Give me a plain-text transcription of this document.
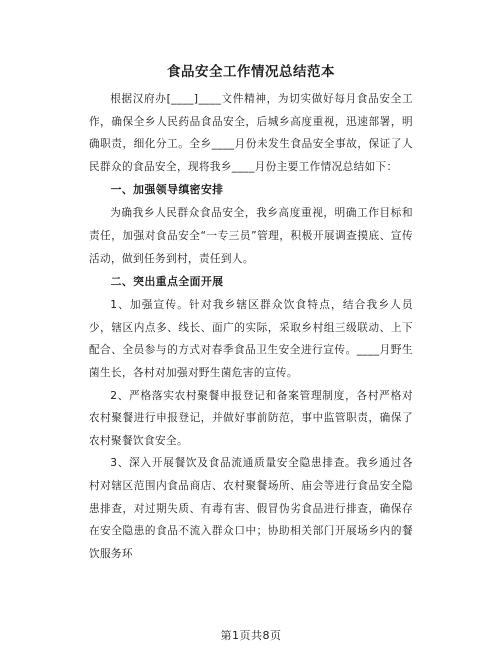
食品安全工作情况总结范本

根据汉府办[____]____文件精神，为切实做好每月食品安全工作，确保全乡人民药品食品安全，后城乡高度重视，迅速部署，明确职责，细化分工。全乡____月份未发生食品安全事故，保证了人民群众的食品安全，现将我乡____月份主要工作情况总结如下：

一、加强领导缜密安排

为确我乡人民群众食品安全，我乡高度重视，明确工作目标和责任，加强对食品安全“一专三员”管理，积极开展调查摸底、宣传活动，做到任务到村，责任到人。

二、突出重点全面开展

1、加强宣传。针对我乡辖区群众饮食特点，结合我乡人员少，辖区内点多、线长、面广的实际，采取乡村组三级联动、上下配合、全员参与的方式对春季食品卫生安全进行宣传。____月野生菌生长，各村对加强对野生菌危害的宣传。

2、严格落实农村聚餐申报登记和备案管理制度，各村严格对农村聚餐进行申报登记，并做好事前防范，事中监管职责，确保了农村聚餐饮食安全。

3、深入开展餐饮及食品流通质量安全隐患排查。我乡通过各村对辖区范围内食品商店、农村聚餐场所、庙会等进行食品安全隐患排查，对过期失质、有毒有害、假冒伪劣食品进行排查，确保存在安全隐患的食品不流入群众口中；协助相关部门开展场乡内的餐饮服务环

第1页共8页
